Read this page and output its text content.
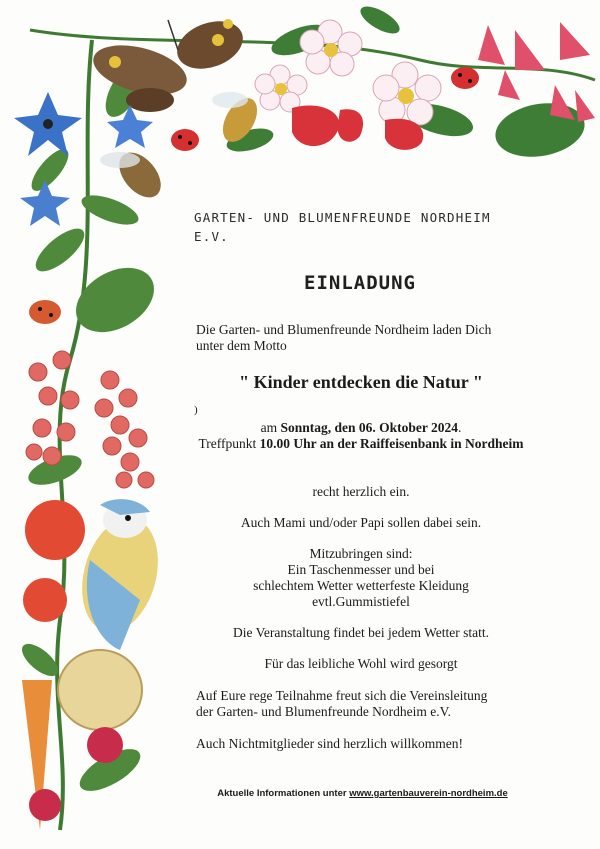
GARTEN- UND BLUMENFREUNDE NORDHEIM
E.V.
EINLADUNG
Die Garten- und Blumenfreunde Nordheim laden Dich
unter dem Motto
" Kinder entdecken die Natur "
)
am Sonntag, den 06. Oktober 2024.
Treffpunkt 10.00 Uhr an der Raiffeisenbank in Nordheim
recht herzlich ein.
Auch Mami und/oder Papi sollen dabei sein.
Mitzubringen sind:
Ein Taschenmesser und bei
schlechtem Wetter wetterfeste Kleidung
evtl.Gummistiefel
Die Veranstaltung findet bei jedem Wetter statt.
Für das leibliche Wohl wird gesorgt
Auf Eure rege Teilnahme freut sich die Vereinsleitung
der Garten- und Blumenfreunde Nordheim e.V.
Auch Nichtmitglieder sind herzlich willkommen!
Aktuelle Informationen unter www.gartenbauverein-nordheim.de
